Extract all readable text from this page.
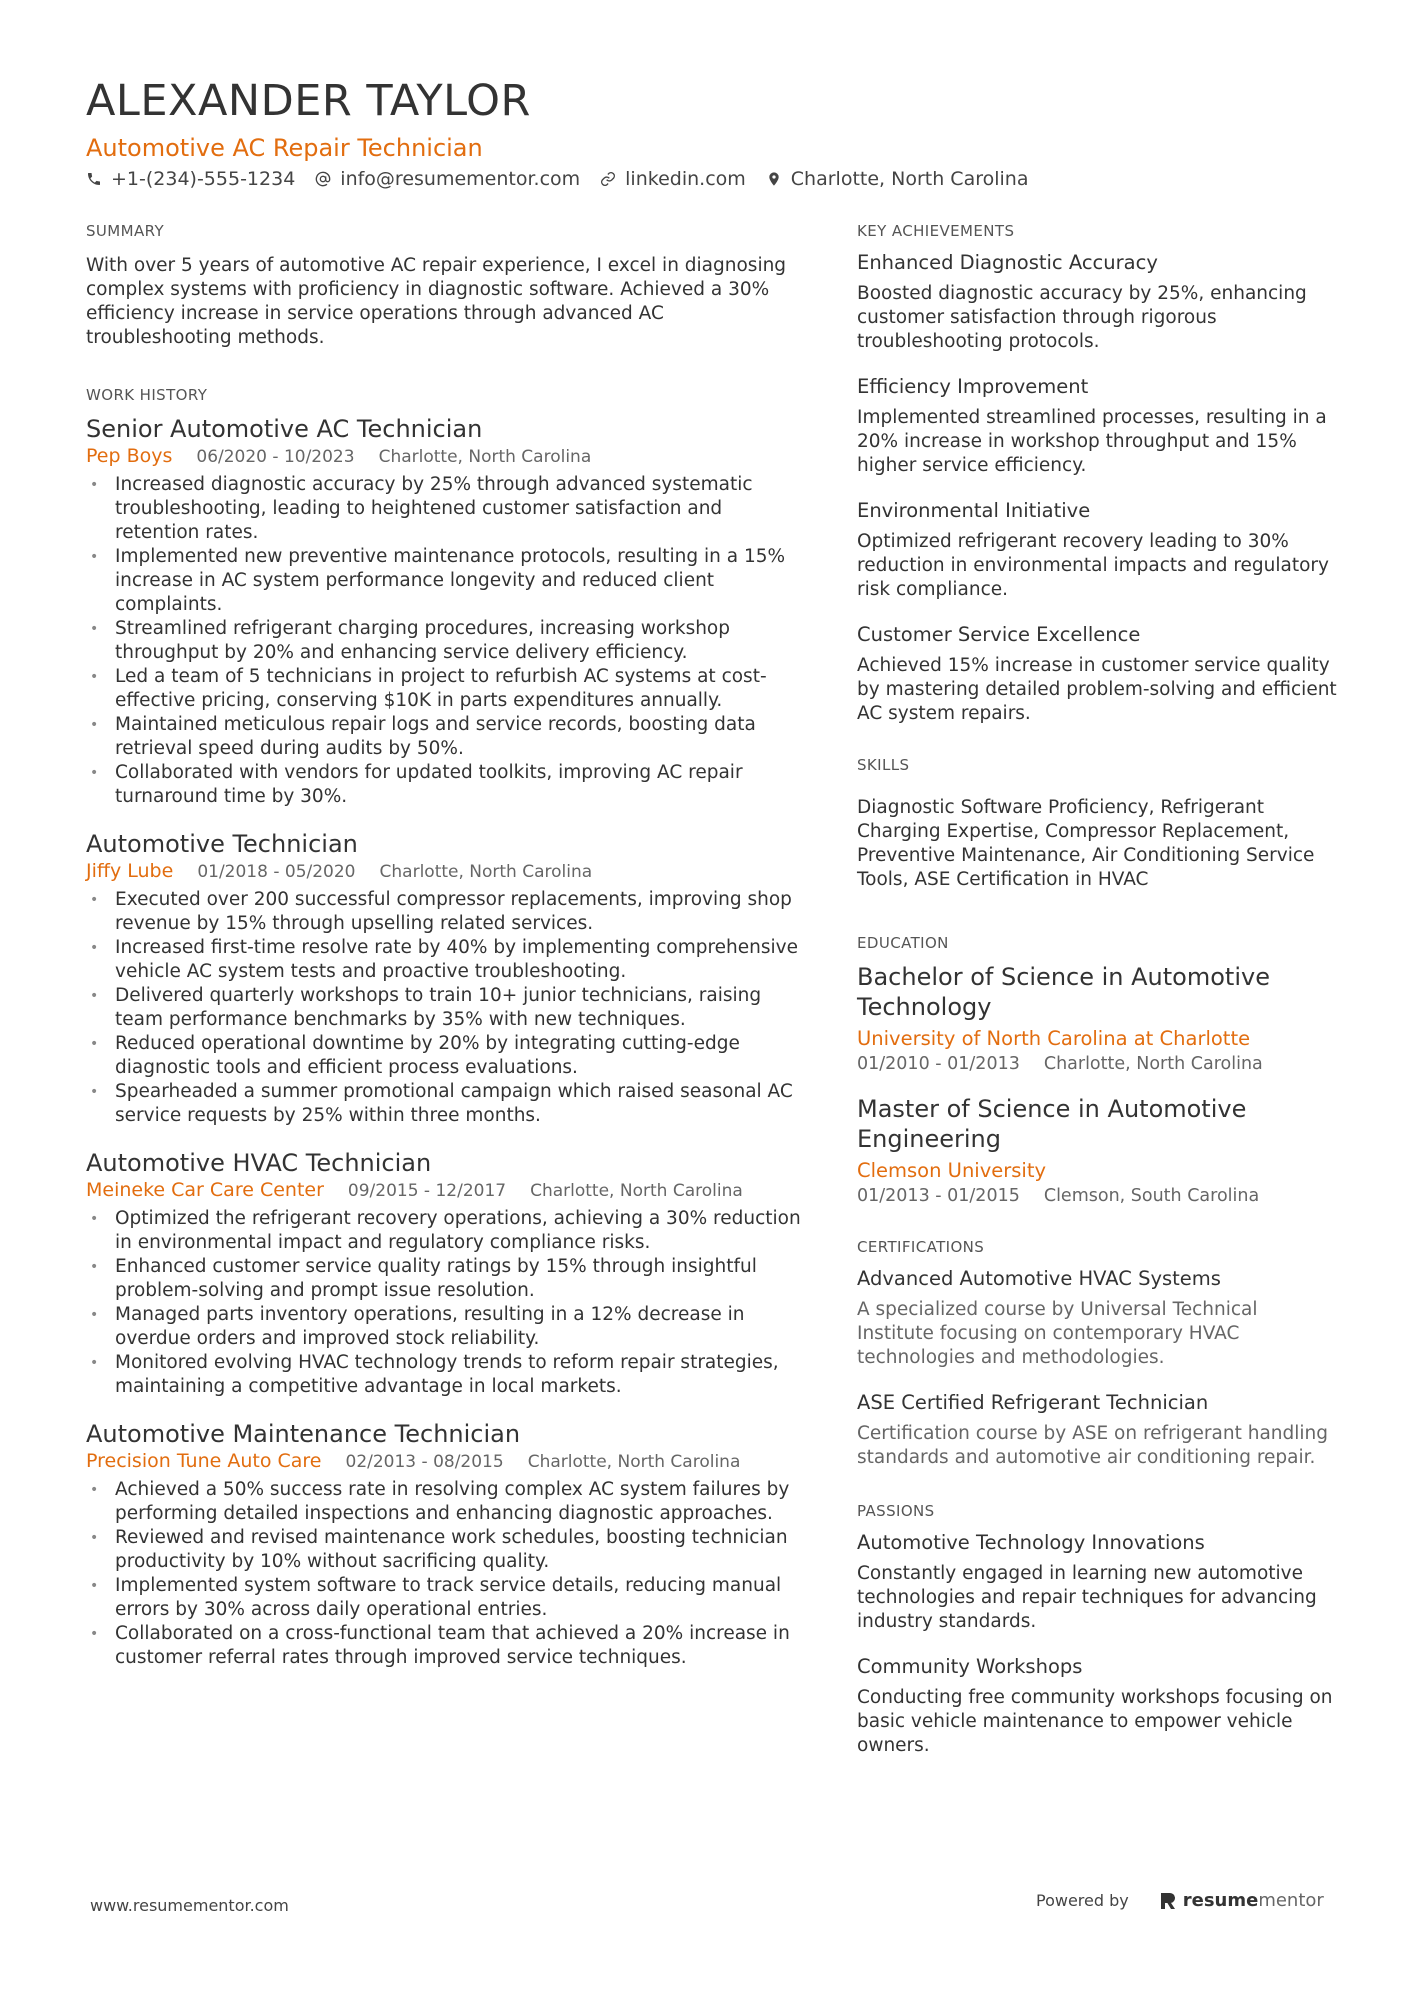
ALEXANDER TAYLOR
Automotive AC Repair Technician
+1-(234)-555-1234 info@resumementor.com linkedin.com Charlotte, North Carolina
SUMMARY

With over 5 years of automotive AC repair experience, I excel in diagnosing complex systems with proficiency in diagnostic software. Achieved a 30% efficiency increase in service operations through advanced AC troubleshooting methods.

WORK HISTORY
Senior Automotive AC Technician
Pep Boys 06/2020 - 10/2023 Charlotte, North Carolina
• Increased diagnostic accuracy by 25% through advanced systematic troubleshooting, leading to heightened customer satisfaction and retention rates.
• Implemented new preventive maintenance protocols, resulting in a 15% increase in AC system performance longevity and reduced client complaints.
• Streamlined refrigerant charging procedures, increasing workshop throughput by 20% and enhancing service delivery efficiency.
• Led a team of 5 technicians in project to refurbish AC systems at cost-effective pricing, conserving $10K in parts expenditures annually.
• Maintained meticulous repair logs and service records, boosting data retrieval speed during audits by 50%.
• Collaborated with vendors for updated toolkits, improving AC repair turnaround time by 30%.
Automotive Technician
Jiffy Lube 01/2018 - 05/2020 Charlotte, North Carolina
• Executed over 200 successful compressor replacements, improving shop revenue by 15% through upselling related services.
• Increased first-time resolve rate by 40% by implementing comprehensive vehicle AC system tests and proactive troubleshooting.
• Delivered quarterly workshops to train 10+ junior technicians, raising team performance benchmarks by 35% with new techniques.
• Reduced operational downtime by 20% by integrating cutting-edge diagnostic tools and efficient process evaluations.
• Spearheaded a summer promotional campaign which raised seasonal AC service requests by 25% within three months.
Automotive HVAC Technician
Meineke Car Care Center 09/2015 - 12/2017 Charlotte, North Carolina
• Optimized the refrigerant recovery operations, achieving a 30% reduction in environmental impact and regulatory compliance risks.
• Enhanced customer service quality ratings by 15% through insightful problem-solving and prompt issue resolution.
• Managed parts inventory operations, resulting in a 12% decrease in overdue orders and improved stock reliability.
• Monitored evolving HVAC technology trends to reform repair strategies, maintaining a competitive advantage in local markets.
Automotive Maintenance Technician
Precision Tune Auto Care 02/2013 - 08/2015 Charlotte, North Carolina
• Achieved a 50% success rate in resolving complex AC system failures by performing detailed inspections and enhancing diagnostic approaches.
• Reviewed and revised maintenance work schedules, boosting technician productivity by 10% without sacrificing quality.
• Implemented system software to track service details, reducing manual errors by 30% across daily operational entries.
• Collaborated on a cross-functional team that achieved a 20% increase in customer referral rates through improved service techniques.
KEY ACHIEVEMENTS
Enhanced Diagnostic Accuracy
Boosted diagnostic accuracy by 25%, enhancing customer satisfaction through rigorous troubleshooting protocols.
Efficiency Improvement
Implemented streamlined processes, resulting in a 20% increase in workshop throughput and 15% higher service efficiency.
Environmental Initiative
Optimized refrigerant recovery leading to 30% reduction in environmental impacts and regulatory risk compliance.
Customer Service Excellence
Achieved 15% increase in customer service quality by mastering detailed problem-solving and efficient AC system repairs.
SKILLS
Diagnostic Software Proficiency, Refrigerant Charging Expertise, Compressor Replacement, Preventive Maintenance, Air Conditioning Service Tools, ASE Certification in HVAC
EDUCATION
Bachelor of Science in Automotive Technology
University of North Carolina at Charlotte
01/2010 - 01/2013 Charlotte, North Carolina
Master of Science in Automotive Engineering
Clemson University
01/2013 - 01/2015 Clemson, South Carolina
CERTIFICATIONS
Advanced Automotive HVAC Systems
A specialized course by Universal Technical Institute focusing on contemporary HVAC technologies and methodologies.
ASE Certified Refrigerant Technician
Certification course by ASE on refrigerant handling standards and automotive air conditioning repair.
PASSIONS
Automotive Technology Innovations
Constantly engaged in learning new automotive technologies and repair techniques for advancing industry standards.
Community Workshops
Conducting free community workshops focusing on basic vehicle maintenance to empower vehicle owners.
www.resumementor.com	Powered by	resume mentor
